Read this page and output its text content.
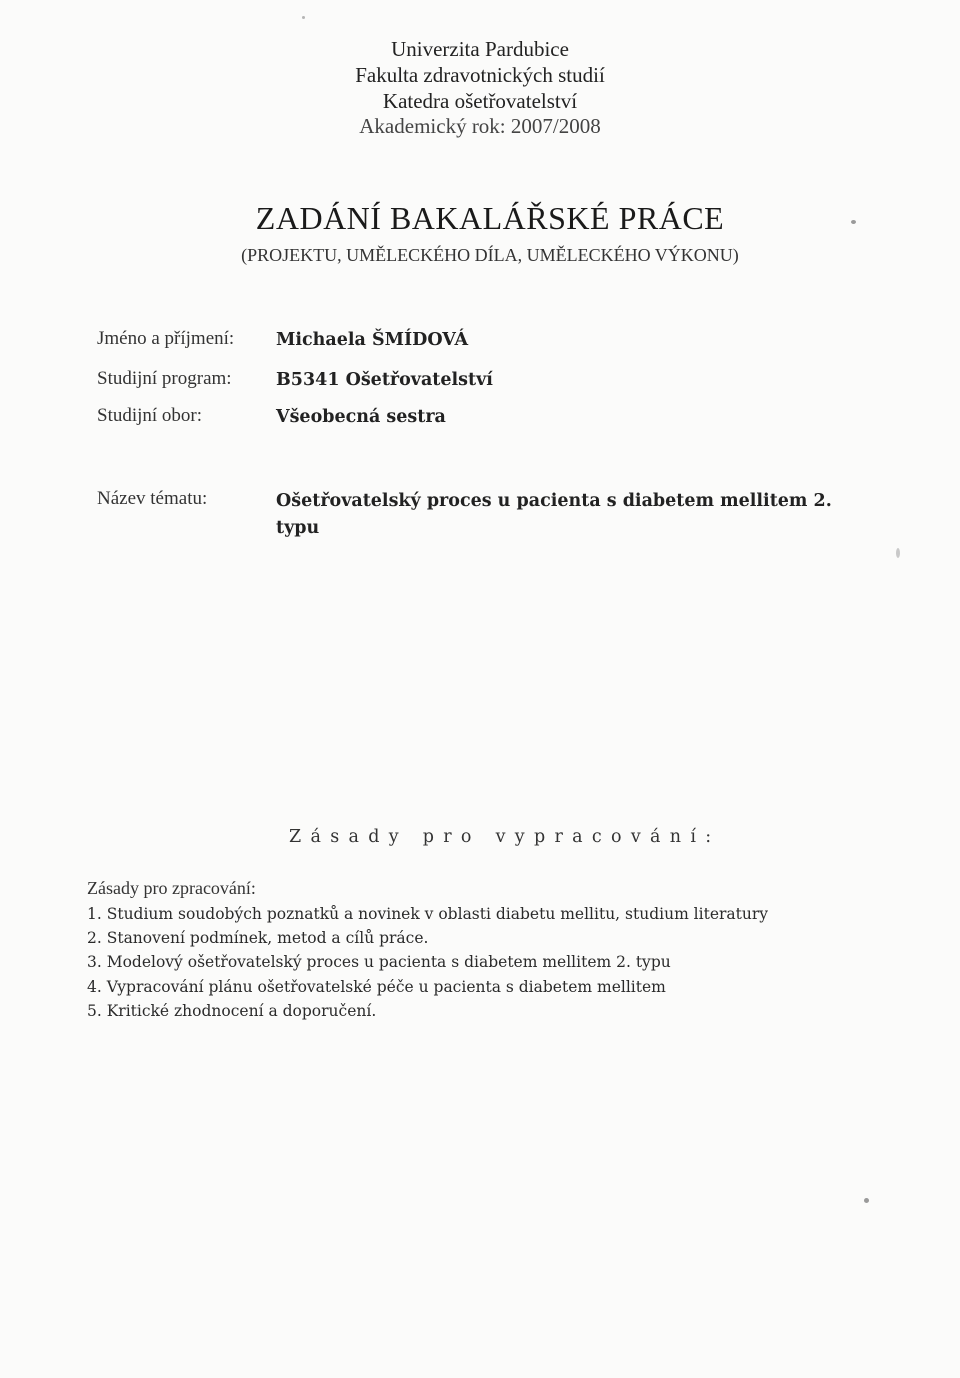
Univerzita Pardubice
Fakulta zdravotnických studií
Katedra ošetřovatelství
Akademický rok: 2007/2008
ZADÁNÍ BAKALÁŘSKÉ PRÁCE
(PROJEKTU, UMĚLECKÉHO DÍLA, UMĚLECKÉHO VÝKONU)
Jméno a příjmení: Michaela ŠMÍDOVÁ
Studijní program:	B5341 Ošetřovatelství
Studijní obor:	Všeobecná sestra
Název tématu:	Ošetřovatelský proces u pacienta s diabetem mellitem 2. typu
Zásady pro vypracování:
Zásady pro zpracování:
1. Studium soudobých poznatků a novinek v oblasti diabetu mellitu, studium literatury
2. Stanovení podmínek, metod a cílů práce.
3. Modelový ošetřovatelský proces u pacienta s diabetem mellitem 2. typu
4. Vypracování plánu ošetřovatelské péče u pacienta s diabetem mellitem
5. Kritické zhodnocení a doporučení.
